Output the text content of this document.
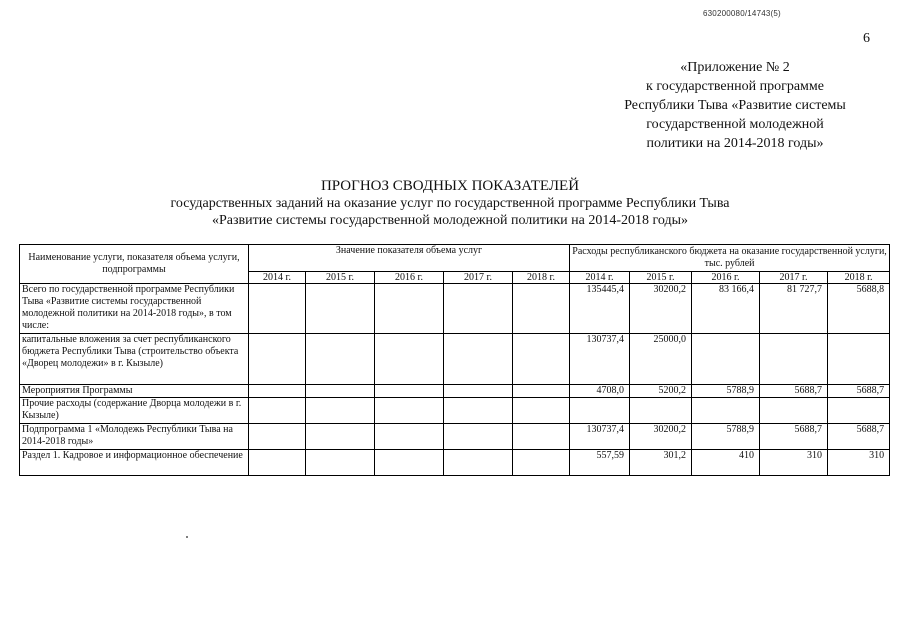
630200080/14743(5)
6
«Приложение № 2
к государственной программе
Республики Тыва «Развитие системы
государственной молодежной
политики на 2014-2018 годы»
ПРОГНОЗ СВОДНЫХ ПОКАЗАТЕЛЕЙ
государственных заданий на оказание услуг по государственной программе Республики Тыва
«Развитие системы государственной молодежной политики на 2014-2018 годы»
Наименование услуги, показателя объема услуги, подпрограммы	Значение показателя объема услуг					Расходы республиканского бюджета на оказание государственной услуги, тыс. рублей				
	2014 г.	2015 г.	2016 г.	2017 г.	2018 г.	2014 г.	2015 г.	2016 г.	2017 г.	2018 г.
Всего по государственной программе Республики Тыва «Развитие системы государственной молодежной политики на 2014-2018 годы», в том числе:						135445,4	30200,2	83 166,4	81 727,7	5688,8
капитальные вложения за счет республиканского бюджета Республики Тыва (строительство объекта «Дворец молодежи» в г. Кызыле)						130737,4	25000,0			
Мероприятия Программы						4708,0	5200,2	5788,9	5688,7	5688,7
Прочие расходы (содержание Дворца молодежи в г. Кызыле)										
Подпрограмма 1 «Молодежь Республики Тыва на 2014-2018 годы»						130737,4	30200,2	5788,9	5688,7	5688,7
Раздел 1. Кадровое и информационное обеспечение						557,59	301,2	410	310	310
